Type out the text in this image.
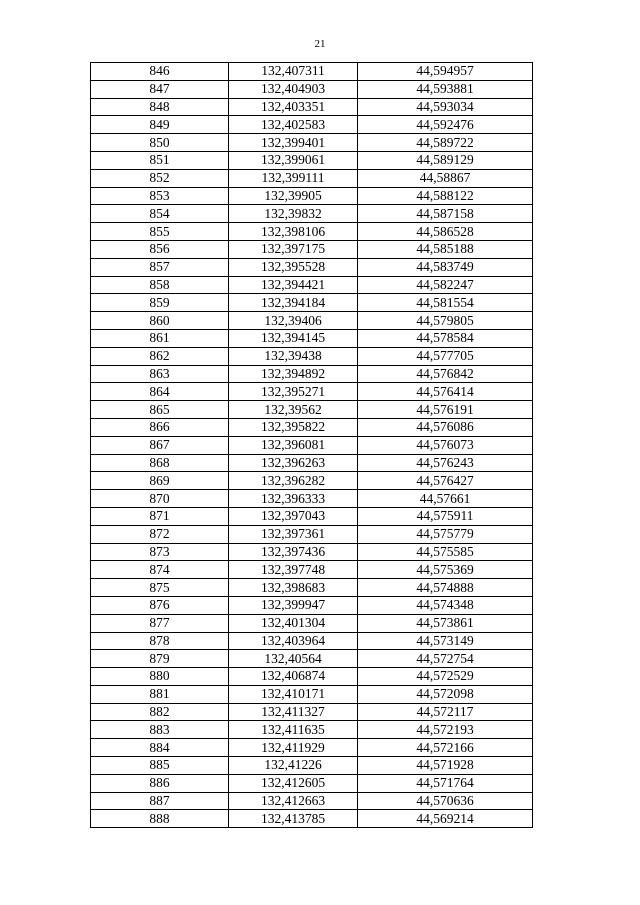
21
846	132,407311	44,594957
847	132,404903	44,593881
848	132,403351	44,593034
849	132,402583	44,592476
850	132,399401	44,589722
851	132,399061	44,589129
852	132,399111	44,58867
853	132,39905	44,588122
854	132,39832	44,587158
855	132,398106	44,586528
856	132,397175	44,585188
857	132,395528	44,583749
858	132,394421	44,582247
859	132,394184	44,581554
860	132,39406	44,579805
861	132,394145	44,578584
862	132,39438	44,577705
863	132,394892	44,576842
864	132,395271	44,576414
865	132,39562	44,576191
866	132,395822	44,576086
867	132,396081	44,576073
868	132,396263	44,576243
869	132,396282	44,576427
870	132,396333	44,57661
871	132,397043	44,575911
872	132,397361	44,575779
873	132,397436	44,575585
874	132,397748	44,575369
875	132,398683	44,574888
876	132,399947	44,574348
877	132,401304	44,573861
878	132,403964	44,573149
879	132,40564	44,572754
880	132,406874	44,572529
881	132,410171	44,572098
882	132,411327	44,572117
883	132,411635	44,572193
884	132,411929	44,572166
885	132,41226	44,571928
886	132,412605	44,571764
887	132,412663	44,570636
888	132,413785	44,569214
